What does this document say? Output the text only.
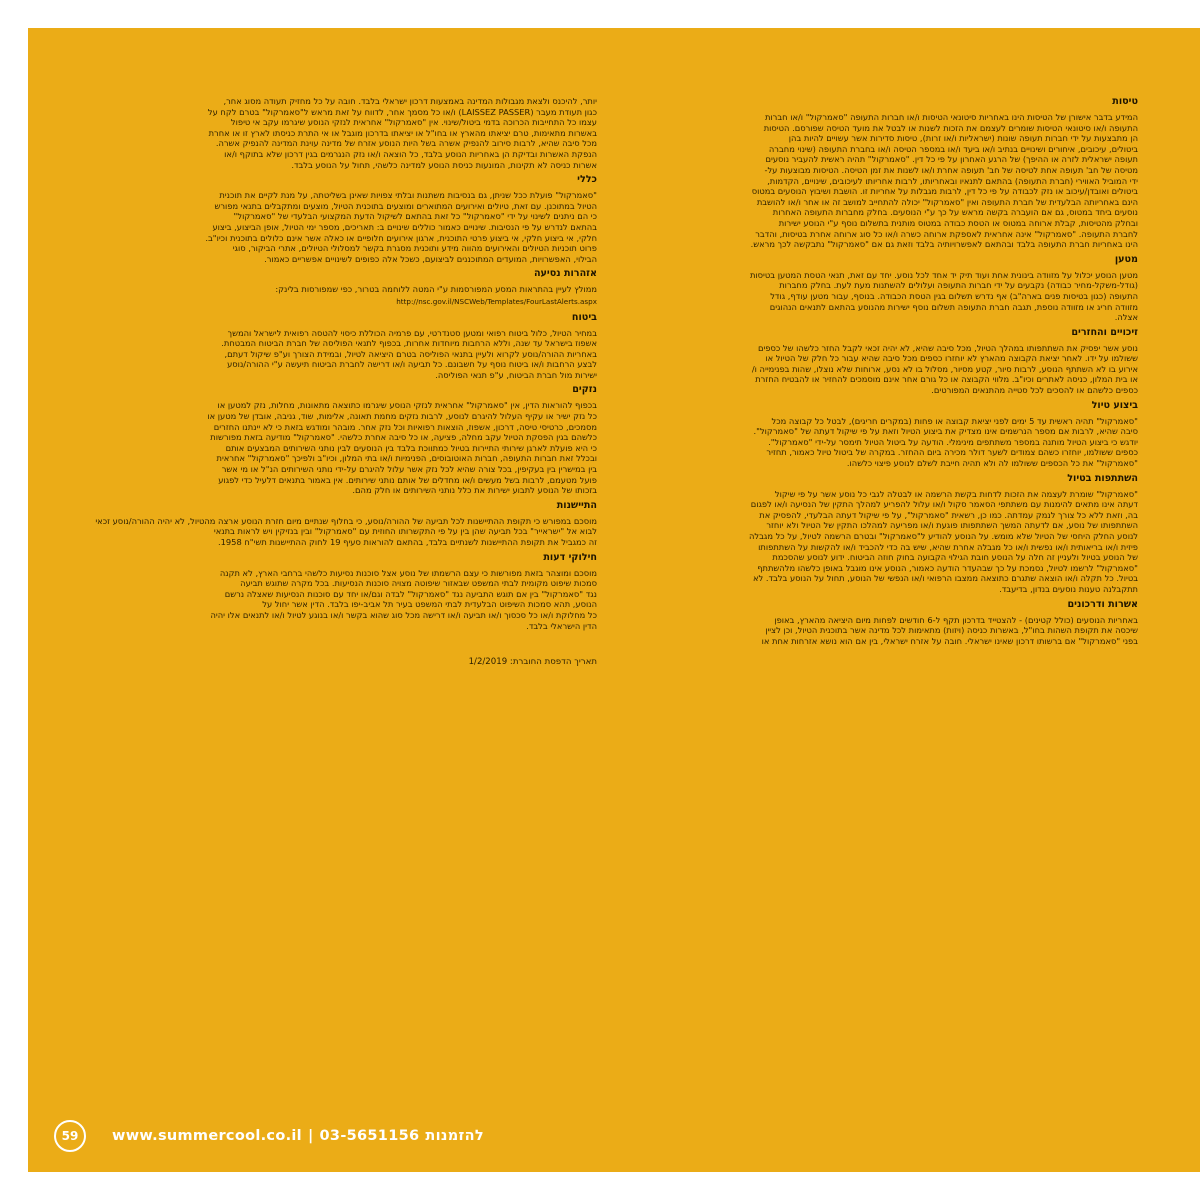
טיסות

המידע בדבר אישורן של הטיסות הינו באחריות סיטונאי הטיסות ו/או חברות התעופה "סאמרקול" ו/או חברות
התעופה ו/או סיטונאי הטיסות שומרים לעצמם את הזכות לשנות או לבטל את מועד הטיסה שפורסם. הטיסות
הן מתבצעות על ידי חברות תעופה שונות (ישראליות ו/או זרות), טיסות סדירות אשר עשויים להיות בהן
ביטולים, עיכובים, איחורים ושינויים בנתיב ו/או ביעד ו/או במספר הטיסה ו/או בחברת התעופה (שינוי מחברה
תעופה ישראלית לזרה או ההיפך) של הרגע האחרון על פי כל דין. "סאמרקול" תהיה ראשית להעביר נוסעים
מטיסה של חב' תעופה אחת לטיסה של חב' תעופה אחרת ו/או לשנות את זמן הטיסה. הטיסות מבוצעות על-
ידי המוביל האווירי (חברת התעופה) בהתאם לתנאיו ובאחריותו, לרבות אחריותו לעיכובים, שינויים, הקדמות,
ביטולים ואובדן/עיכוב או נזק לכבודה על פי כל דין, לרבות מגבלות על אחריות זו. הושבת ושיבוץ הנוסעים במטוס
הינם באחריותה הבלעדית של חברת התעופה ואין "סאמרקול" יכולה להתחייב למושב זה או אחר ו/או להושבת
נוסעים ביחד במטוס, גם אם הועברה בקשה מראש על כך ע"י הנוסעים. בחלק מחברות התעופה האחרות
ובחלק מהטיסות, קבלת ארוחה במטוס או הטסת כבודה במטוס מותנית בתשלום נוסף ע"י הנוסע ישירות
לחברת התעופה. "סאמרקול" אינה אחראית לאספקת ארוחה כשרה ו/או כל סוג ארוחה אחרת בטיסות, והדבר
הינו באחריות חברת התעופה בלבד ובהתאם לאפשרויותיה בלבד וזאת גם אם "סאמרקול" נתבקשה לכך מראש.

מטען

מטען הנוסע יכלול על מזוודה בינונית אחת ועוד תיק יד אחד לכל נוסע. יחד עם זאת, תנאי הטסת המטען בטיסות
(גודל-משקל-מחיר כבודה) נקבעים על ידי חברות התעופה ועלולים להשתנות מעת לעת. בחלק מחברות
התעופה (כגון בטיסות פנים בארה"ב) אף נדרש תשלום בגין הטסת הכבודה. בנוסף, עבור מטען עודף, גודל
מזוודה חריג או מזוודה נוספת, תגבה חברת התעופה תשלום נוסף ישירות מהנוסע בהתאם לתנאים הנהוגים
אצלה.

זיכויים והחזרים

נוסע אשר יפסיק את השתתפותו במהלך הטיול, מכל סיבה שהיא, לא יהיה זכאי לקבל החזר כלשהו של כספים
ששולמו על ידו. לאחר יציאת הקבוצה מהארץ לא יוחזרו כספים מכל סיבה שהיא עבור כל חלק של הטיול או
אירוע בו לא השתתף הנוסע, לרבות סיור, קטע מסיור, מסלול בו לא נסע, ארוחות שלא נוצלו, שהות בפנימייה ו/
או בית המלון, כניסה לאתרים וכיו"ב. מלווי הקבוצה או כל גורם אחר אינם מוסמכים להחזיר או להבטיח החזרת
כספים כלשהם או להסכים לכל סטייה מהתנאים המפורטים.

ביצוע טיול

"סאמרקול" תהיה ראשית עד 5 ימים לפני יציאת קבוצה או פחות (במקרים חריגים), לבטל כל קבוצה מכל
סיבה שהיא, לרבות אם מספר הנרשמים אינו מצדיק את ביצוע הטיול וזאת על פי שיקול דעתה של "סאמרקול".
יודגש כי ביצוע הטיול מותנה במספר משתתפים מינימלי. הודעה על ביטול הטיול תימסר על-ידי "סאמרקול".
כספים ששולמו, יוחזרו כשהם צמודים לשער דולר מכירה ביום ההחזר. במקרה של ביטול טיול כאמור, תחזיר
"סאמרקול" את כל הכספים ששולמו לה ולא תהיה חייבת לשלם לנוסע פיצוי כלשהו.

השתתפות בטיול

"סאמרקול" שומרת לעצמה את הזכות לדחות בקשת הרשמה או לבטלה לגבי כל נוסע אשר על פי שיקול
דעתה אינו מתאים להימנות עם משתתפי הסאמר סקול ו/או עלול להפריע למהלך התקין של הנסיעה ו/או לפגום
בה, וזאת ללא כל צורך לנמק עמדתה. כמו כן, רשאית "סאמרקול", על פי שיקול דעתה הבלעדי, להפסיק את
השתתפותו של נוסע, אם לדעתה המשך השתתפותו פוגעת ו/או מפריעה למהלכו התקין של הטיול ולא יוחזר
לנוסע החלק היחסי של הטיול שלא מומש. על הנוסע להודיע ל"סאמרקול" ובטרם הרשמה לטיול, על כל מגבלה
פיזית ו/או בריאותית ו/או נפשית ו/או כל מגבלה אחרת שהיא, שיש בה כדי להכביד ו/או להקשות על השתתפותו
של הנוסע בטיול ולעניין זה חלה על הנוסע חובת הגילוי הקבועה בחוק חוזה הביטוח. ידוע לנוסע שהסכמת
"סאמרקול" לרשמו לטיול, נסמכת על כך שבהעדר הודעה כאמור, הנוסע אינו מוגבל באופן כלשהו מלהשתתף
בטיול. כל תקלה ו/או הוצאה שתגרם כתוצאה ממצבו הרפואי ו/או הנפשי של הנוסע, תחול על הנוסע בלבד. לא
תתקבלנה טענות נוסעים בנדון, בדיעבד.

אשרות ודרכונים

באחריות הנוסעים (כולל קטינים) - להצטייד בדרכון תקף ל-6 חודשים לפחות מיום היציאה מהארץ, באופן
שיכסה את תקופת השהות בחו"ל, באשרות כניסה (ויזות) מתאימות לכל מדינה אשר בתוכנית הטיול, וכן לציין
בפני "סאמרקול" אם ברשותו דרכון שאינו ישראלי. חובה על אזרח ישראלי, בין אם הוא נושא אזרחות אחת או

יותר, להיכנס ולצאת מגבולות המדינה באמצעות דרכון ישראלי בלבד. חובה על כל מחזיק תעודה מסוג אחר,
כגון תעודת מעבר (LAISSEZ PASSER) ו/או כל מסמך אחר, לדווח על זאת מראש ל"סאמרקול" בטרם לקח על
עצמו כל התחייבות הכרוכה בדמי ביטול/שינוי. אין "סאמרקול" אחראית לנזקי הנוסע שיגרמו עקב אי טיפול
באשרות מתאימות, טרם יציאתו מהארץ או בחו"ל או יציאתו בדרכון מוגבל או אי התרת כניסתו לארץ זו או אחרת
מכל סיבה שהיא, לרבות סירוב להנפיק אשרה בשל היות הנוסע אזרח של מדינה עוינת המדינה להנפיק אשרה.
הנפקת האשרות ובדיקת הן באחריות הנוסע בלבד, כל הוצאה ו/או נזק הנגרמים בגין דרכון שלא בתוקף ו/או
אשרות כניסה לא תקינות, המונעות כניסת הנוסע למדינה כלשהי, תחול על הנוסע בלבד.

כללי

"סאמרקול" פועלת ככל שניתן, גם בנסיבות משתנות ובלתי צפויות שאינן בשליטתה, על מנת לקיים את תוכנית
הטיול במתוכנן. עם זאת, טיולים ואירועים המתוארים ומוצעים בתוכנית הטיול, מוצעים ומתקבלים בתנאי מפורש
כי הם ניתנים לשינוי על ידי "סאמרקול" כל זאת בהתאם לשיקול הדעת המקצועי הבלעדי של "סאמרקול"
בהתאם לנדרש על פי הנסיבות. שינויים כאמור כוללים שינויים ב: תאריכים, מספר ימי הטיול, אופן הביצוע, ביצוע
חלקי, אי ביצוע חלקי, אי ביצוע פרטי התוכנית, ארגון אירועים חלופיים או כאלה אשר אינם כלולים בתוכנית וכיו"ב.
פרוט תוכניות הטיולים והאירועים מהווה מידע ותוכנית מסגרת בקשר למסלולי הטיולים, אתרי הביקור, סוגי
הבילוי, האפשרויות, המועדים המתוכננים לביצועם, כשכל אלה כפופים לשינויים אפשריים כאמור.

אזהרות נסיעה

ממולץ לעיין בהתראות המסע המפורסמות ע"י המטה ללוחמה בטרור, כפי שמפורסות בלינק:

http://nsc.gov.il/NSCWeb/Templates/FourLastAlerts.aspx

ביטוח

במחיר הטיול, כלול ביטוח רפואי ומטען סטנדרטי, עם פרמיה הכוללת כיסוי להטסה רפואית לישראל והמשך
אשפוז בישראל עד שנה, וללא הרחבות מיוחדות אחרות, בכפוף לתנאי הפוליסה של חברת הביטוח המבטחת.
באחריות ההורה/נוסע לקרוא ולעיין בתנאי הפוליסה בטרם היציאה לטיול, ובמידת הצורך וע"פ שיקול דעתם,
לבצע הרחבות ו/או ביטוח נוסף על חשבונם. כל תביעה ו/או דרישה לחברת הביטוח תיעשה ע"י ההורה/נוסע
ישירות מול חברת הביטוח, ע"פ תנאי הפוליסה.

נזקים

בכפוף להוראות הדין, אין "סאמרקול" אחראית לנזקי הנוסע שיגרמו כתוצאה מתאונות, מחלות, נזק למטען או
כל נזק ישיר או עקיף העלול להיגרם לנוסע, לרבות נזקים מחמת תאונה, אלימות, שוד, גניבה, אובדן של מטען או
מסמכים, כרטיסי טיסה, דרכון, אשפוז, הוצאות רפואיות וכל נזק אחר. מובהר ומודגש בזאת כי לא יינתנו החזרים
כלשהם בגין הפסקת הטיול עקב מחלה, פציעה, או כל סיבה אחרת כלשהי. "סאמרקול" מודיעה בזאת מפורשות
כי היא פועלת לארגן שירותי התיירות בטיול כמתווכת בלבד בין הנוסעים לבין נותני השירותים המבצעים אותם
ובכלל זאת חברות התעופה, חברות האוטובוסים, הפנימיות ו/או בתי המלון, וכיו"ב ולפיכך "סאמרקול" אחראית
בין במישרין בין בעקיפין, בכל צורה שהיא לכל נזק אשר עלול להיגרם על-ידי נותני השירותים הנ"ל או מי אשר
פועל מטעמם, לרבות בשל מעשים ו/או מחדלים של אותם נותני שירותים. אין באמור בתנאים דלעיל כדי לפגוע
בזכותו של הנוסע לתבוע ישירות את כלל נותני השירותים או חלק מהם.

התיישנות

מוסכם במפורש כי תקופת ההתיישנות לכל תביעה של ההורה/נוסע, כי בחלוף שנתיים מיום חזרת הנוסע ארצה מהטיול, לא יהיה ההורה/נוסע זכאי
לבוא אל "ישראייר" בכל תביעה שהן בין על פי התקשרותו החוזית עם "סאמרקול" ובין בנזיקין ויש לראות בתנאי
זה כמגביל את תקופת ההתיישנות לשנתיים בלבד, בהתאם להוראות סעיף 19 לחוק ההתיישנות תשי"ח 1958.

חילוקי דעות

מוסכם ומוצהר בזאת מפורשות כי עצם הרשמתו של נוסע אצל סוכנות נסיעות כלשהי ברחבי הארץ, לא תקנה
סמכות שיפוט מקומית לבתי המשפט שבאזור שיפוטה מצויה סוכנות הנסיעות. בכל מקרה שתוגש תביעה
נגד "סאמרקול" בין אם תוגש התביעה נגד "סאמרקול" לבדה וגם/או יחד עם סוכנות הנסיעות שאצלה נרשם
הנוסע, תהא סמכות השיפוט הבלעדית לבתי המשפט בעיר תל אביב-יפו בלבד. הדין אשר יחול על
כל מחלוקת ו/או כל סכסוך ו/או תביעה ו/או דרישה מכל סוג שהוא בקשר ו/או בנוגע לטיול ו/או לתנאים אלו יהיה
הדין הישראלי בלבד.

תאריך הדפסת החוברת: 1/2/2019
59	www.summercool.co.il | 03-5651156 להזמנות
